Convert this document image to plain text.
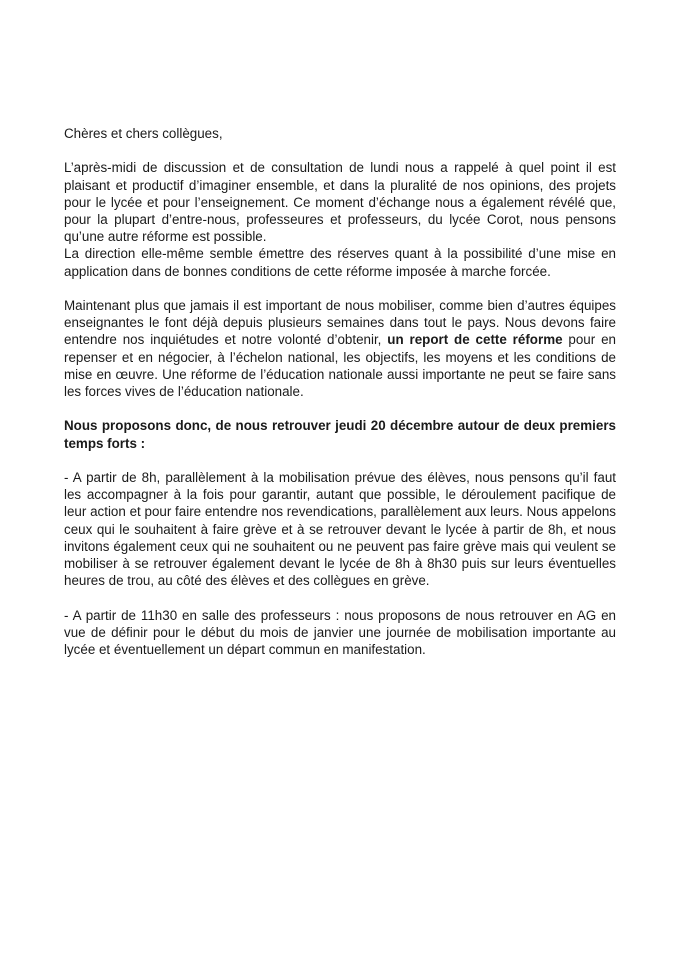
Chères et chers collègues,

L’après-midi de discussion et de consultation de lundi nous a rappelé à quel point il est plaisant et productif d’imaginer ensemble, et dans la pluralité de nos opinions, des projets pour le lycée et pour l’enseignement. Ce moment d’échange nous a également révélé que, pour la plupart d’entre-nous, professeures et professeurs, du lycée Corot, nous pensons qu’une autre réforme est possible.

La direction elle-même semble émettre des réserves quant à la possibilité d’une mise en application dans de bonnes conditions de cette réforme imposée à marche forcée.

Maintenant plus que jamais il est important de nous mobiliser, comme bien d’autres équipes enseignantes le font déjà depuis plusieurs semaines dans tout le pays. Nous devons faire entendre nos inquiétudes et notre volonté d’obtenir, un report de cette réforme pour en repenser et en négocier, à l’échelon national, les objectifs, les moyens et les conditions de mise en œuvre. Une réforme de l’éducation nationale aussi importante ne peut se faire sans les forces vives de l’éducation nationale.

Nous proposons donc, de nous retrouver jeudi 20 décembre autour de deux premiers temps forts :

- A partir de 8h, parallèlement à la mobilisation prévue des élèves, nous pensons qu’il faut les accompagner à la fois pour garantir, autant que possible, le déroulement pacifique de leur action et pour faire entendre nos revendications, parallèlement aux leurs. Nous appelons ceux qui le souhaitent à faire grève et à se retrouver devant le lycée à partir de 8h, et nous invitons également ceux qui ne souhaitent ou ne peuvent pas faire grève mais qui veulent se mobiliser à se retrouver également devant le lycée de 8h à 8h30 puis sur leurs éventuelles heures de trou, au côté des élèves et des collègues en grève.

- A partir de 11h30 en salle des professeurs : nous proposons de nous retrouver en AG en vue de définir pour le début du mois de janvier une journée de mobilisation importante au lycée et éventuellement un départ commun en manifestation.
